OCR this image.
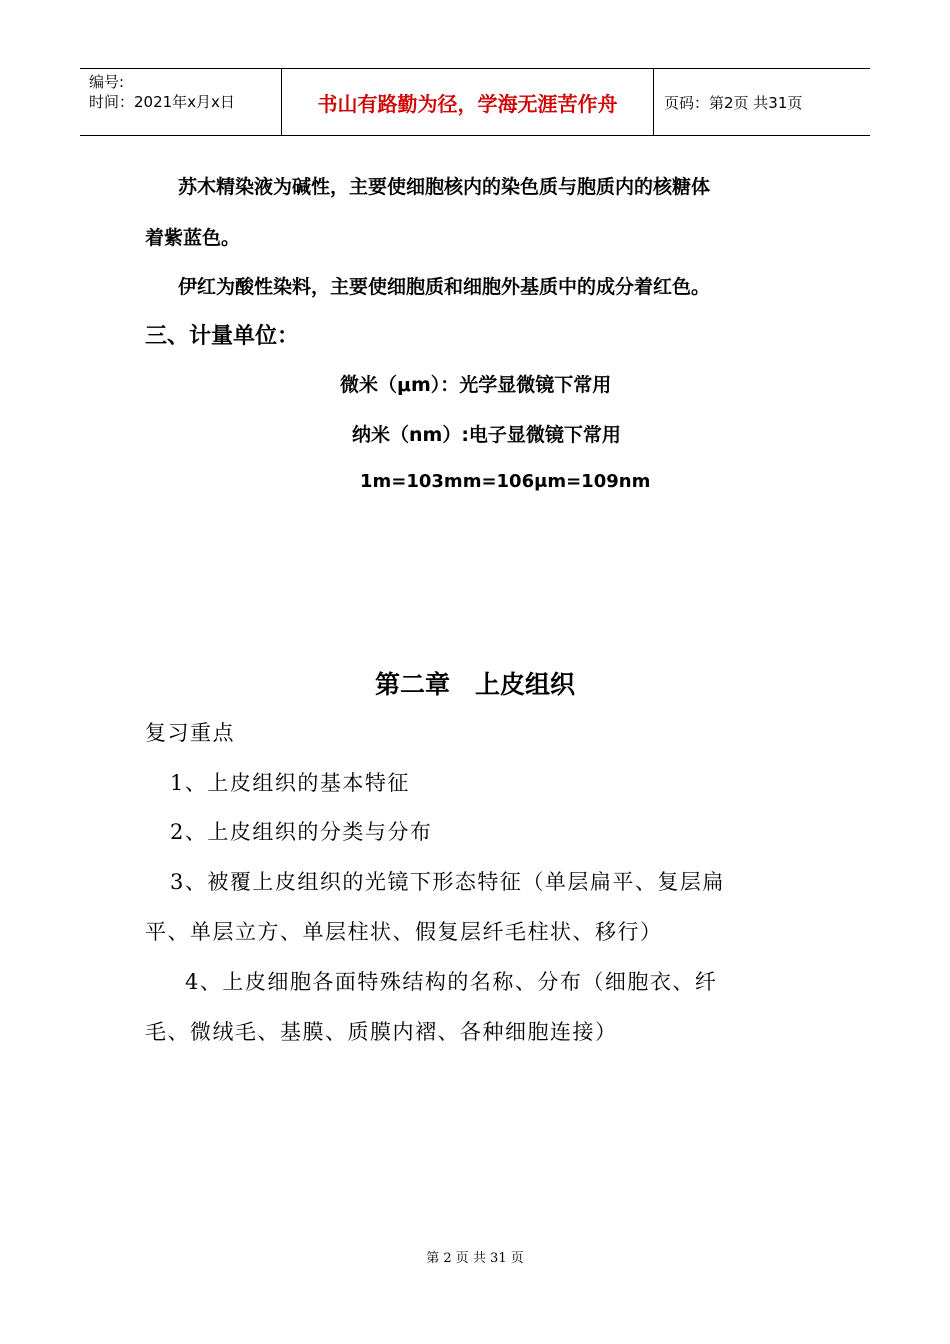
编号:
时间：2021年x月x日	书山有路勤为径，学海无涯苦作舟	页码：第2页 共31页
苏木精染液为碱性，主要使细胞核内的染色质与胞质内的核糖体
着紫蓝色。
伊红为酸性染料，主要使细胞质和细胞外基质中的成分着红色。
三、计量单位：
微米（μm）：光学显微镜下常用
纳米（nm）:电子显微镜下常用
1m=103mm=106μm=109nm
第二章　上皮组织
复习重点
1、上皮组织的基本特征
2、上皮组织的分类与分布
3、被覆上皮组织的光镜下形态特征（单层扁平、复层扁
平、单层立方、单层柱状、假复层纤毛柱状、移行）
4、上皮细胞各面特殊结构的名称、分布（细胞衣、纤
毛、微绒毛、基膜、质膜内褶、各种细胞连接）
第 2 页 共 31 页
